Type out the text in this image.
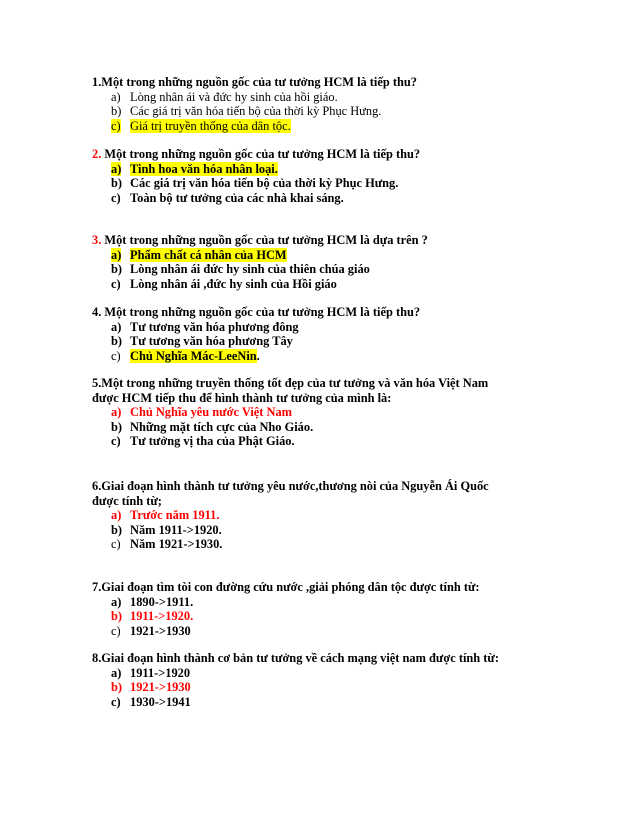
1.Một trong những nguồn gốc của tư tưởng HCM là tiếp thu?
a) Lòng nhân ái và đức hy sinh của hồi giáo.
b) Các giá trị văn hóa tiến bộ của thời kỳ Phục Hưng.
c) Giá trị truyền thống của dân tộc.
2. Một trong những nguồn gốc của tư tưởng HCM là tiếp thu?
a) Tinh hoa văn hóa nhân loại.
b) Các giá trị văn hóa tiến bộ của thời kỳ Phục Hưng.
c) Toàn bộ tư tưởng của các nhà khai sáng.
3. Một trong những nguồn gốc của tư tưởng HCM là dựa trên ?
a) Phẩm chất cá nhân của HCM
b) Lòng nhân ái đức hy sinh của thiên chúa giáo
c) Lòng nhân ái ,đức hy sinh của Hồi giáo
4. Một trong những nguồn gốc của tư tưởng HCM là tiếp thu?
a) Tư tương văn hóa phương đông
b) Tư tương văn hóa phương Tây
c) Chủ Nghĩa Mác-LeeNin.
5.Một trong những truyền thống tốt đẹp của tư tưởng và văn hóa Việt Nam
được HCM tiếp thu để hình thành tư tưởng của mình là:
a) Chủ Nghĩa yêu nước Việt Nam
b) Những mặt tích cực của Nho Giáo.
c) Tư tưởng vị tha của Phật Giáo.
6.Giai đoạn hình thành tư tưởng yêu nước,thương nòi của Nguyễn Ái Quốc
được tính từ;
a) Trước năm 1911.
b) Năm 1911->1920.
c) Năm 1921->1930.
7.Giai đoạn tìm tòi con đường cứu nước ,giải phóng dân tộc được tính từ:
a) 1890->1911.
b) 1911->1920.
c) 1921->1930
8.Giai đoạn hình thành cơ bản tư tưởng về cách mạng việt nam được tính từ:
a) 1911->1920
b) 1921->1930
c) 1930->1941
